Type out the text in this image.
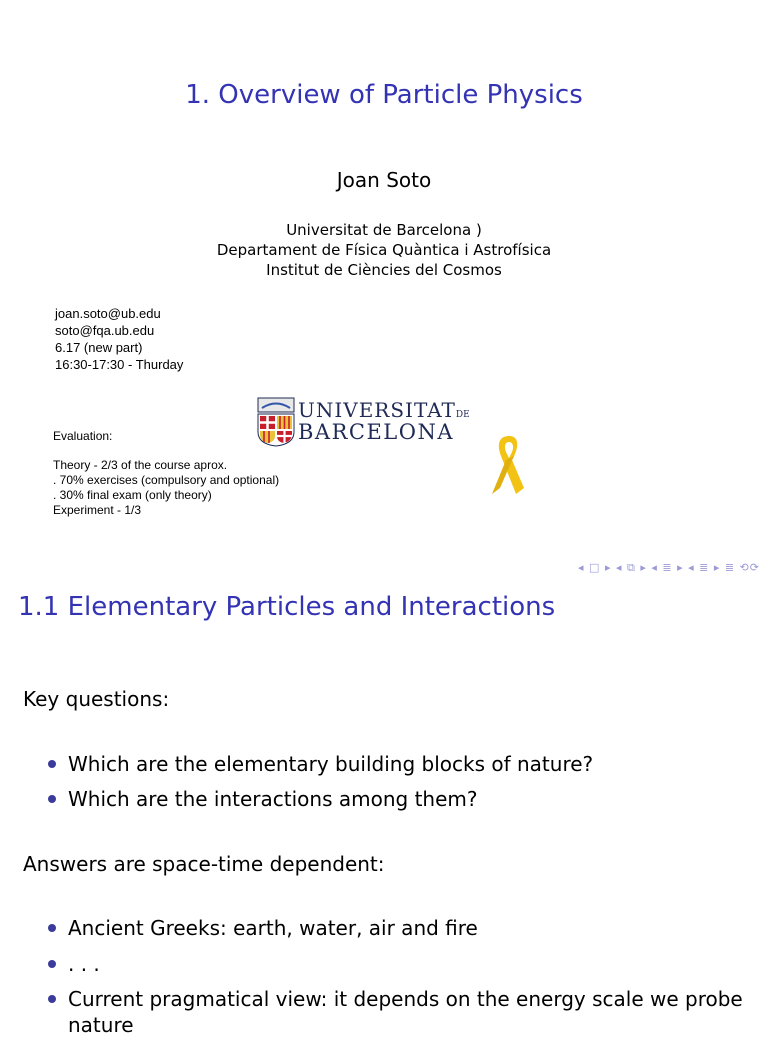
1. Overview of Particle Physics
Joan Soto
Universitat de Barcelona )
Departament de Física Quàntica i Astrofísica
Institut de Ciències del Cosmos
joan.soto@ub.edu
soto@fqa.ub.edu
6.17 (new part)
16:30-17:30 - Thurday
Evaluation:
Theory - 2/3 of the course aprox.
. 70% exercises (compulsory and optional)
. 30% final exam (only theory)
Experiment - 1/3
UNIVERSITATDE
BARCELONA
◂ □ ▸ ◂ ⧉ ▸ ◂ ≣ ▸ ◂ ≣ ▸ ≣ ⟲⟳
1.1 Elementary Particles and Interactions
Key questions:
Which are the elementary building blocks of nature?
Which are the interactions among them?
Answers are space-time dependent:
Ancient Greeks: earth, water, air and fire
. . .
Current pragmatical view: it depends on the energy scale we probe
nature
